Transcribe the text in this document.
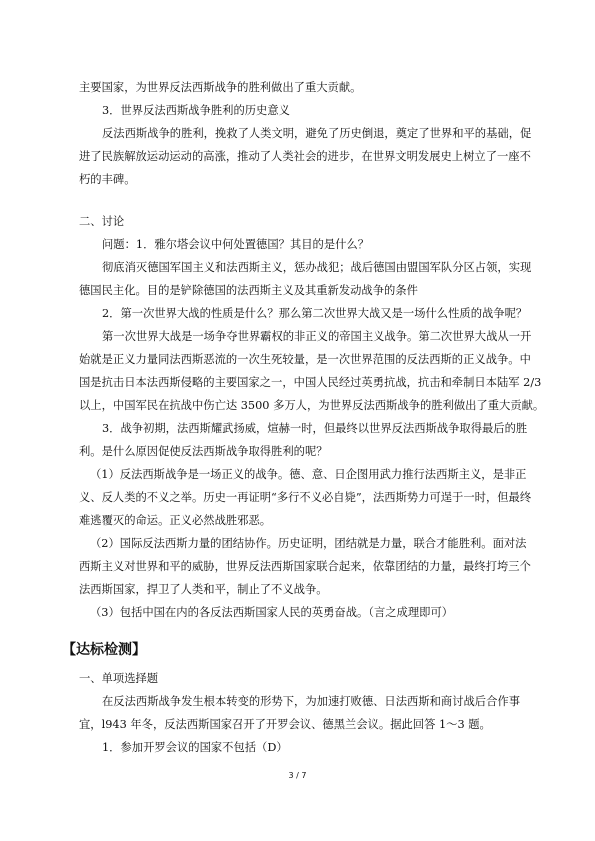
主要国家，为世界反法西斯战争的胜利做出了重大贡献。
3．世界反法西斯战争胜利的历史意义
反法西斯战争的胜利，挽救了人类文明，避免了历史倒退，奠定了世界和平的基础，促
进了民族解放运动运动的高涨，推动了人类社会的进步，在世界文明发展史上树立了一座不
朽的丰碑。
二、讨论
问题：1．雅尔塔会议中何处置德国？其目的是什么？
彻底消灭德国军国主义和法西斯主义，惩办战犯；战后德国由盟国军队分区占领，实现
德国民主化。目的是铲除德国的法西斯主义及其重新发动战争的条件
2．第一次世界大战的性质是什么？那么第二次世界大战又是一场什么性质的战争呢？
第一次世界大战是一场争夺世界霸权的非正义的帝国主义战争。第二次世界大战从一开
始就是正义力量同法西斯恶流的一次生死较量，是一次世界范围的反法西斯的正义战争。中
国是抗击日本法西斯侵略的主要国家之一，中国人民经过英勇抗战，抗击和牵制日本陆军 2/3
以上，中国军民在抗战中伤亡达 3500 多万人，为世界反法西斯战争的胜利做出了重大贡献。
3．战争初期，法西斯耀武扬威，煊赫一时，但最终以世界反法西斯战争取得最后的胜
利。是什么原因促使反法西斯战争取得胜利的呢？
（1）反法西斯战争是一场正义的战争。德、意、日企图用武力推行法西斯主义，是非正
义、反人类的不义之举。历史一再证明“多行不义必自毙”，法西斯势力可逞于一时，但最终
难逃覆灭的命运。正义必然战胜邪恶。
（2）国际反法西斯力量的团结协作。历史证明，团结就是力量，联合才能胜利。面对法
西斯主义对世界和平的威胁，世界反法西斯国家联合起来，依靠团结的力量，最终打垮三个
法西斯国家，捍卫了人类和平，制止了不义战争。
（3）包括中国在内的各反法西斯国家人民的英勇奋战。（言之成理即可）
【达标检测】
一、单项选择题
在反法西斯战争发生根本转变的形势下，为加速打败德、日法西斯和商讨战后合作事
宜，l943 年冬，反法西斯国家召开了开罗会议、德黑兰会议。据此回答 1～3 题。
1．参加开罗会议的国家不包括（D）
3 / 7
